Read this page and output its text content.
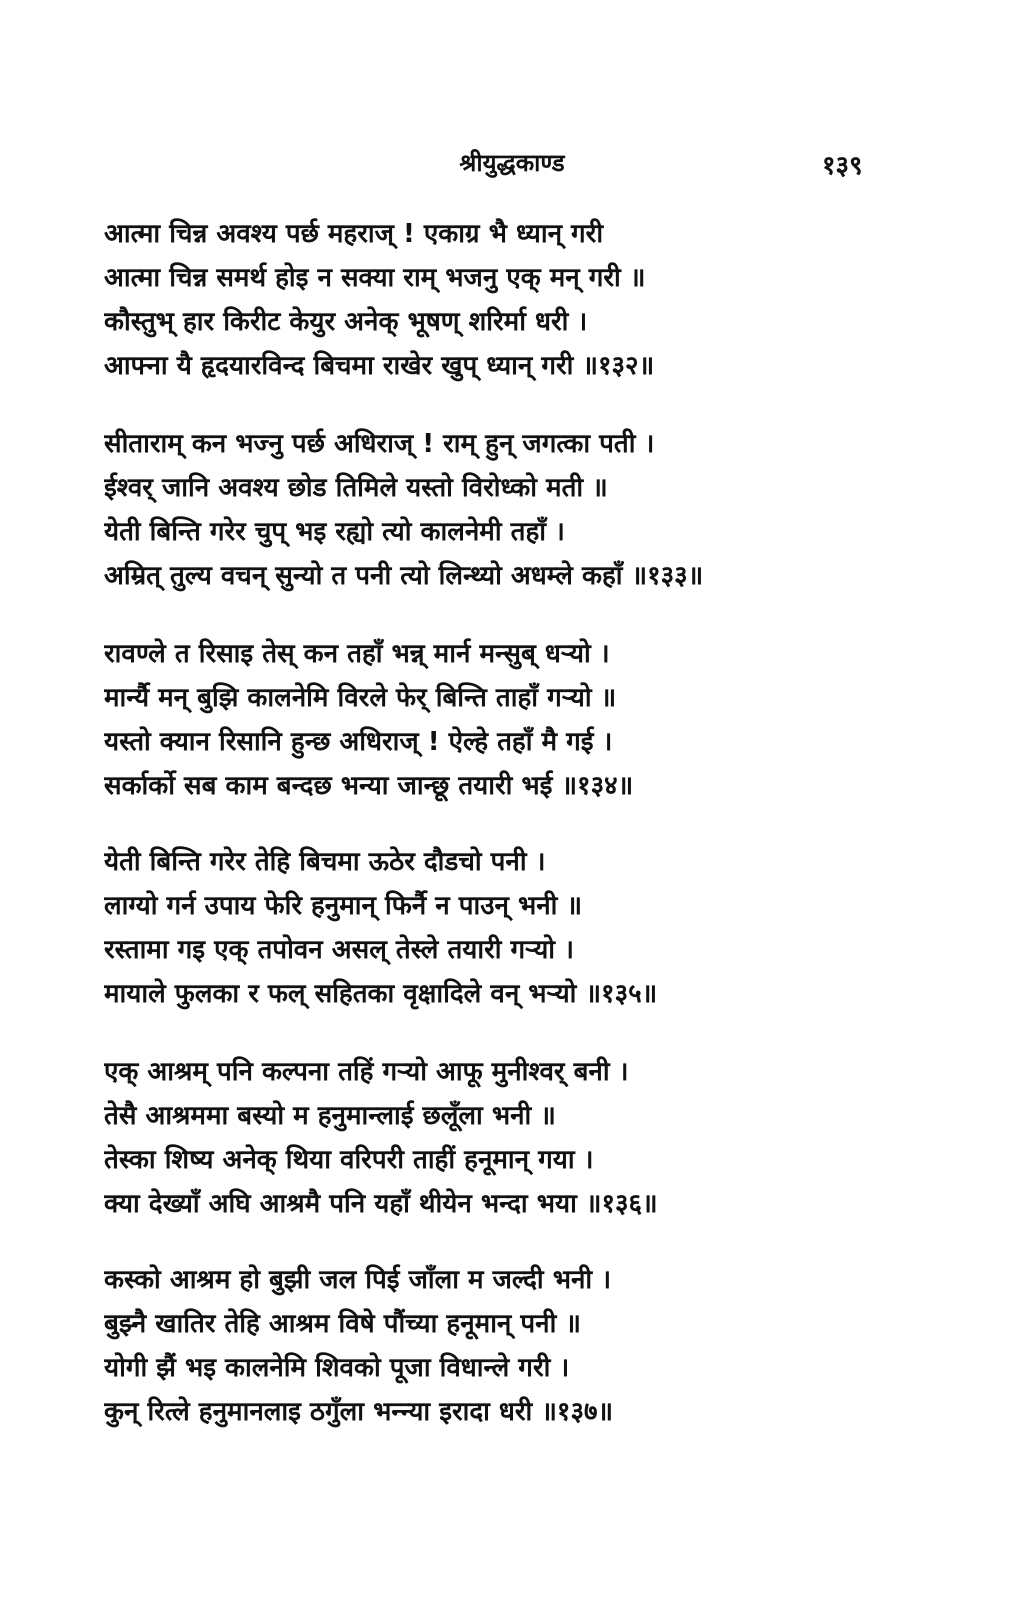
श्रीयुद्धकाण्ड	१३९
आत्मा चिन्न अवश्य पर्छ महराज् ! एकाग्र भै ध्यान् गरी
आत्मा चिन्न समर्थ होइ न सक्या राम् भजनु एक् मन् गरी ॥
कौस्तुभ् हार किरीट केयुर अनेक् भूषण् शरिर्मा धरी ।
आफ्ना यै हृदयारविन्द बिचमा राखेर खुप् ध्यान् गरी ॥१३२॥
सीताराम् कन भज्नु पर्छ अधिराज् ! राम् हुन् जगत्का पती ।
ईश्वर् जानि अवश्य छोड तिमिले यस्तो विरोध्को मती ॥
येती बिन्ति गरेर चुप् भइ रह्यो त्यो कालनेमी तहाँ ।
अम्रित् तुल्य वचन् सुन्यो त पनी त्यो लिन्थ्यो अधम्ले कहाँ ॥१३३॥
रावण्ले त रिसाइ तेस् कन तहाँ भन्न् मार्न मन्सुब् धर्‍यो ।
मार्न्यै मन् बुझि कालनेमि विरले फेर् बिन्ति ताहाँ गर्‍यो ॥
यस्तो क्यान रिसानि हुन्छ अधिराज् ! ऐल्हे तहाँ मै गई ।
सर्कार्को सब काम बन्दछ भन्या जान्छू तयारी भई ॥१३४॥
येती बिन्ति गरेर तेहि बिचमा ऊठेर दौडचो पनी ।
लाग्यो गर्न उपाय फेरि हनुमान् फिर्नै न पाउन् भनी ॥
रस्तामा गइ एक् तपोवन असल् तेस्ले तयारी गर्‍यो ।
मायाले फुलका र फल् सहितका वृक्षादिले वन् भर्‍यो ॥१३५॥
एक् आश्रम् पनि कल्पना तहिं गर्‍यो आफू मुनीश्वर् बनी ।
तेसै आश्रममा बस्यो म हनुमान्लाई छलूँला भनी ॥
तेस्का शिष्य अनेक् थिया वरिपरी ताहीं हनूमान् गया ।
क्या देख्याँ अघि आश्रमै पनि यहाँ थीयेन भन्दा भया ॥१३६॥
कस्को आश्रम हो बुझी जल पिई जाँला म जल्दी भनी ।
बुझ्नै खातिर तेहि आश्रम विषे पौंच्या हनूमान् पनी ॥
योगी झैं भइ कालनेमि शिवको पूजा विधान्ले गरी ।
कुन् रित्ले हनुमानलाइ ठगुँला भन्न्या इरादा धरी ॥१३७॥
